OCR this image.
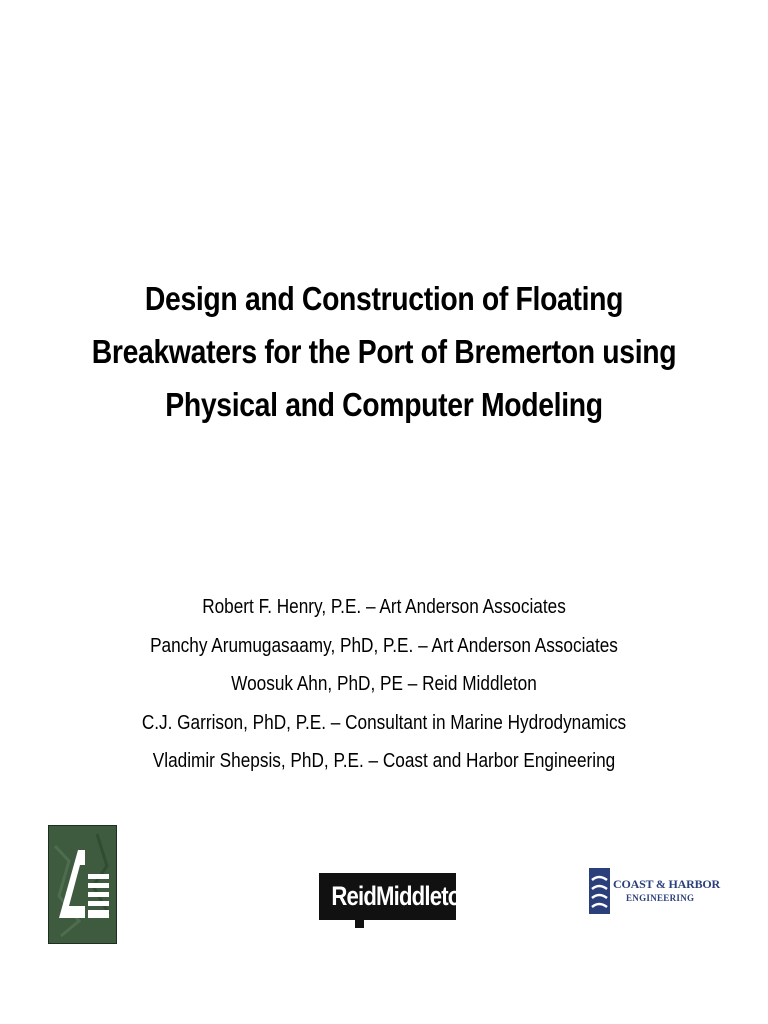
Design and Construction of Floating
Breakwaters for the Port of Bremerton using
Physical and Computer Modeling
Robert F. Henry, P.E. – Art Anderson Associates
Panchy Arumugasaamy, PhD, P.E. – Art Anderson Associates
Woosuk Ahn, PhD, PE – Reid Middleton
C.J. Garrison, PhD, P.E. – Consultant in Marine Hydrodynamics
Vladimir Shepsis, PhD, P.E. – Coast and Harbor Engineering
ReidMiddleton	COAST & HARBOR
ENGINEERING
